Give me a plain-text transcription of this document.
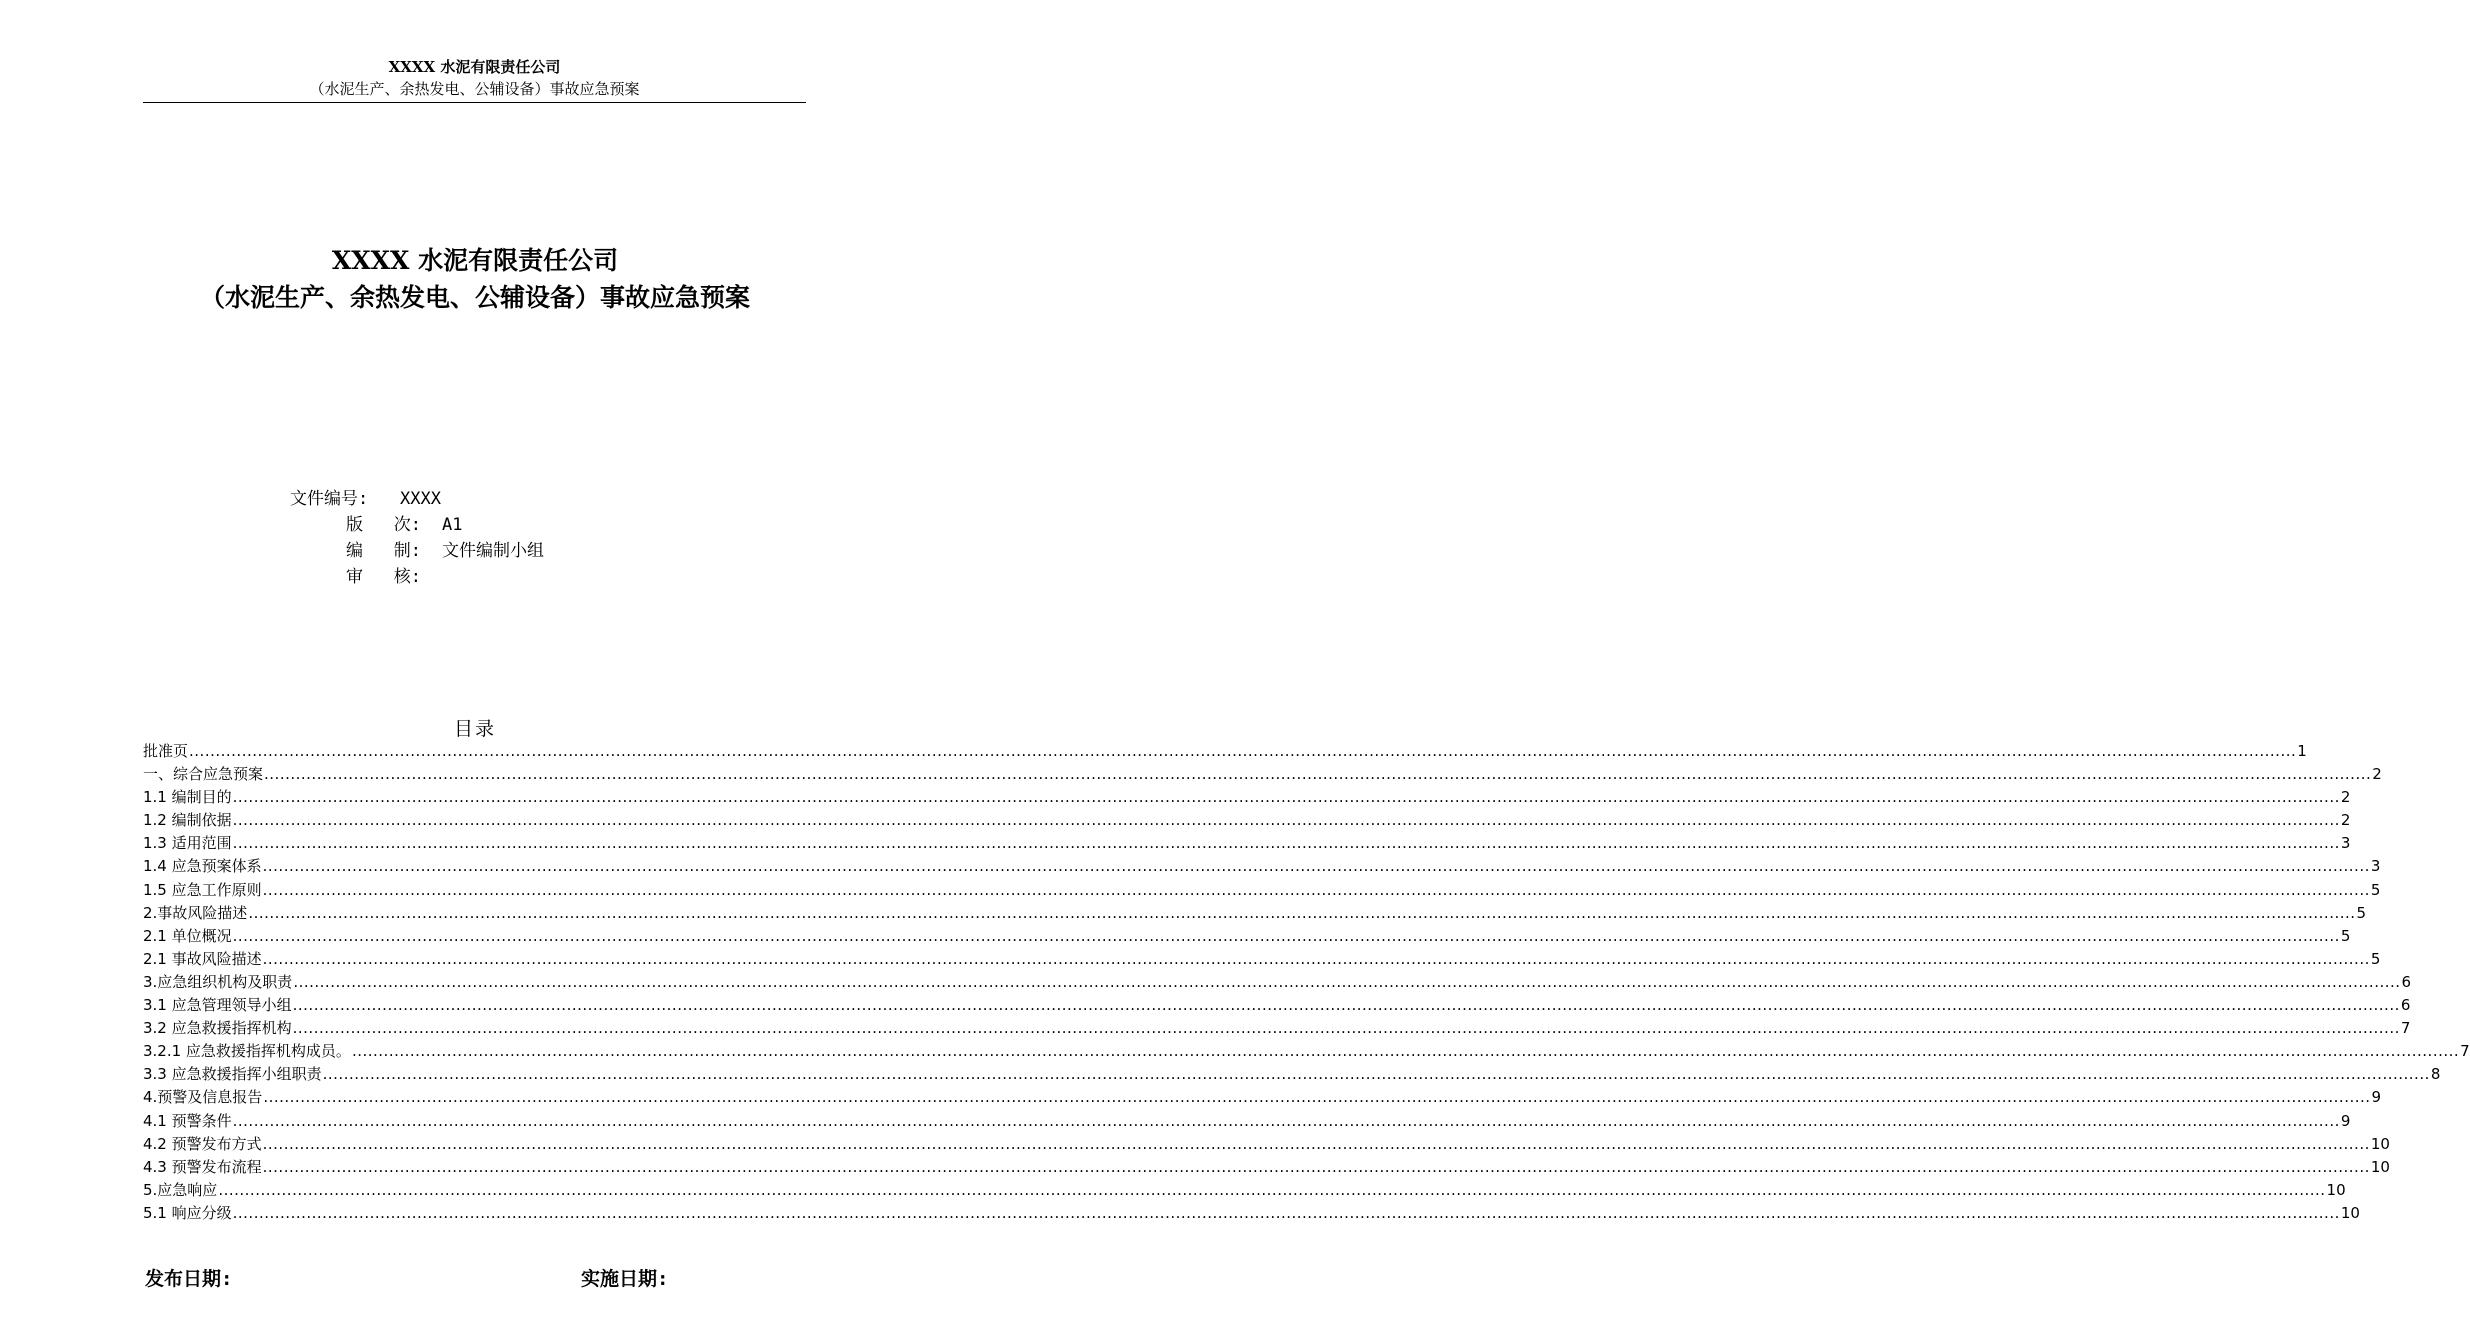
XXXX 水泥有限责任公司
（水泥生产、余热发电、公辅设备）事故应急预案
XXXX 水泥有限责任公司
（水泥生产、余热发电、公辅设备）事故应急预案
文件编号:	XXXX
版   次:	A1
编   制:	文件编制小组
审   核:
目录
批准页 ................................................................................................................................................................................................................................................................................................................................................................................................................ 1
一、综合应急预案 ................................................................................................................................................................................................................................................................................................................................................................................................................ 2
1.1 编制目的 ................................................................................................................................................................................................................................................................................................................................................................................................................ 2
1.2 编制依据 ................................................................................................................................................................................................................................................................................................................................................................................................................ 2
1.3 适用范围 ................................................................................................................................................................................................................................................................................................................................................................................................................ 3
1.4 应急预案体系 ................................................................................................................................................................................................................................................................................................................................................................................................................ 3
1.5 应急工作原则 ................................................................................................................................................................................................................................................................................................................................................................................................................ 5
2.事故风险描述 ................................................................................................................................................................................................................................................................................................................................................................................................................ 5
2.1 单位概况 ................................................................................................................................................................................................................................................................................................................................................................................................................ 5
2.1 事故风险描述 ................................................................................................................................................................................................................................................................................................................................................................................................................ 5
3.应急组织机构及职责 ................................................................................................................................................................................................................................................................................................................................................................................................................ 6
3.1 应急管理领导小组 ................................................................................................................................................................................................................................................................................................................................................................................................................ 6
3.2 应急救援指挥机构 ................................................................................................................................................................................................................................................................................................................................................................................................................ 7
3.2.1 应急救援指挥机构成员。 ................................................................................................................................................................................................................................................................................................................................................................................................................ 7
3.3 应急救援指挥小组职责 ................................................................................................................................................................................................................................................................................................................................................................................................................ 8
4.预警及信息报告 ................................................................................................................................................................................................................................................................................................................................................................................................................ 9
4.1 预警条件 ................................................................................................................................................................................................................................................................................................................................................................................................................ 9
4.2 预警发布方式 ................................................................................................................................................................................................................................................................................................................................................................................................................ 10
4.3 预警发布流程 ................................................................................................................................................................................................................................................................................................................................................................................................................ 10
5.应急响应 ................................................................................................................................................................................................................................................................................................................................................................................................................ 10
5.1 响应分级 ................................................................................................................................................................................................................................................................................................................................................................................................................ 10
发布日期:	实施日期:
